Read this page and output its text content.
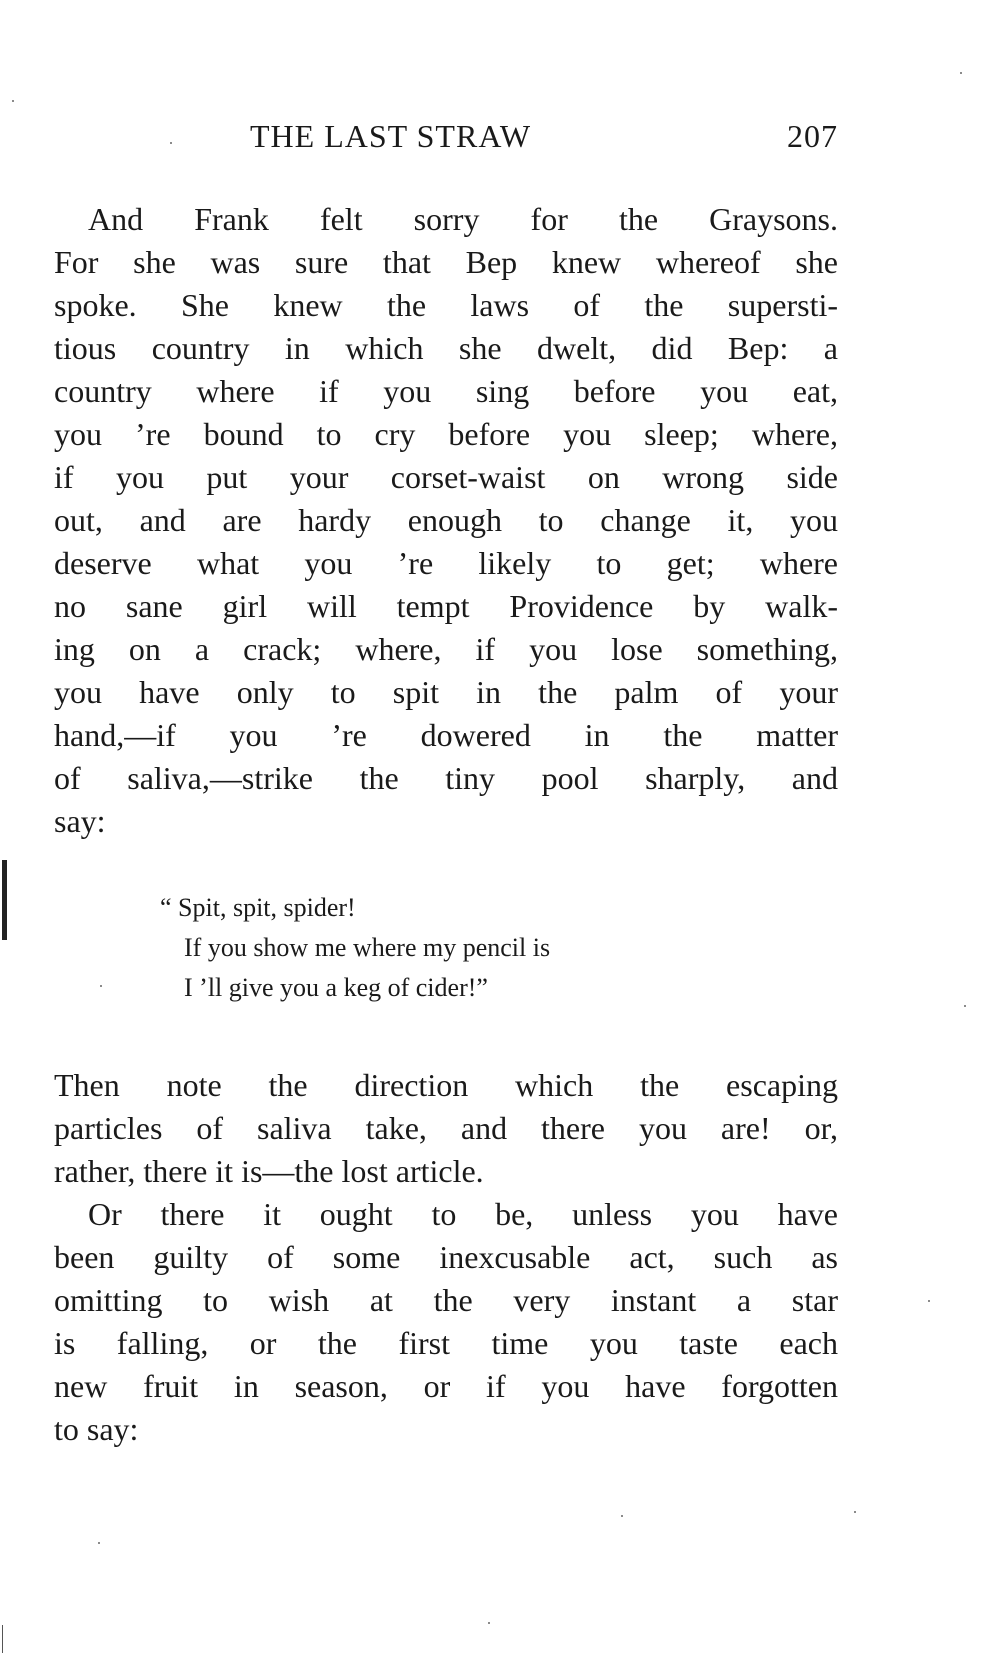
THE LAST STRAW	207
And Frank felt sorry for the Graysons.
For she was sure that Bep knew whereof she
spoke. She knew the laws of the supersti-
tious country in which she dwelt, did Bep: a
country where if you sing before you eat,
you ’re bound to cry before you sleep; where,
if you put your corset-waist on wrong side
out, and are hardy enough to change it, you
deserve what you ’re likely to get; where
no sane girl will tempt Providence by walk-
ing on a crack; where, if you lose something,
you have only to spit in the palm of your
hand,—if you ’re dowered in the matter
of saliva,—strike the tiny pool sharply, and
say:
“ Spit, spit, spider!
If you show me where my pencil is
I ’ll give you a keg of cider!”
Then note the direction which the escaping
particles of saliva take, and there you are! or,
rather, there it is—the lost article.
Or there it ought to be, unless you have
been guilty of some inexcusable act, such as
omitting to wish at the very instant a star
is falling, or the first time you taste each
new fruit in season, or if you have forgotten
to say:
